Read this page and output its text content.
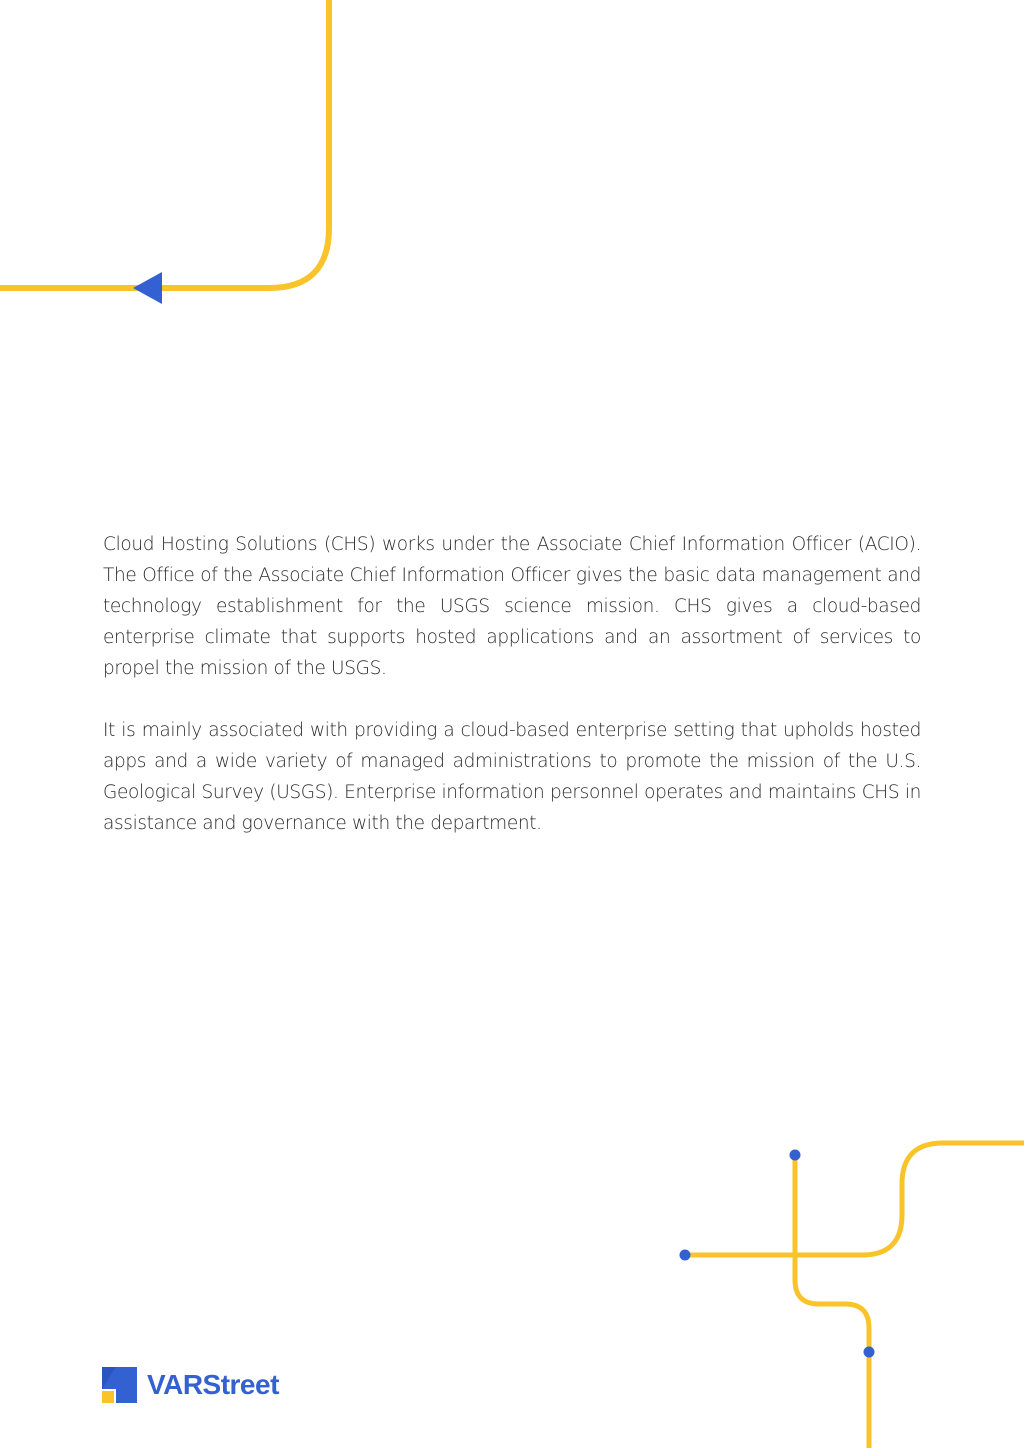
Cloud Hosting Solutions (CHS) works under the Associate Chief Information Officer (ACIO). The Office of the Associate Chief Information Officer gives the basic data management and technology establishment for the USGS science mission. CHS gives a cloud-based enterprise climate that supports hosted applications and an assortment of services to propel the mission of the USGS.

It is mainly associated with providing a cloud-based enterprise setting that upholds hosted apps and a wide variety of managed administrations to promote the mission of the U.S. Geological Survey (USGS). Enterprise information personnel operates and maintains CHS in assistance and governance with the department.

VARStreet
